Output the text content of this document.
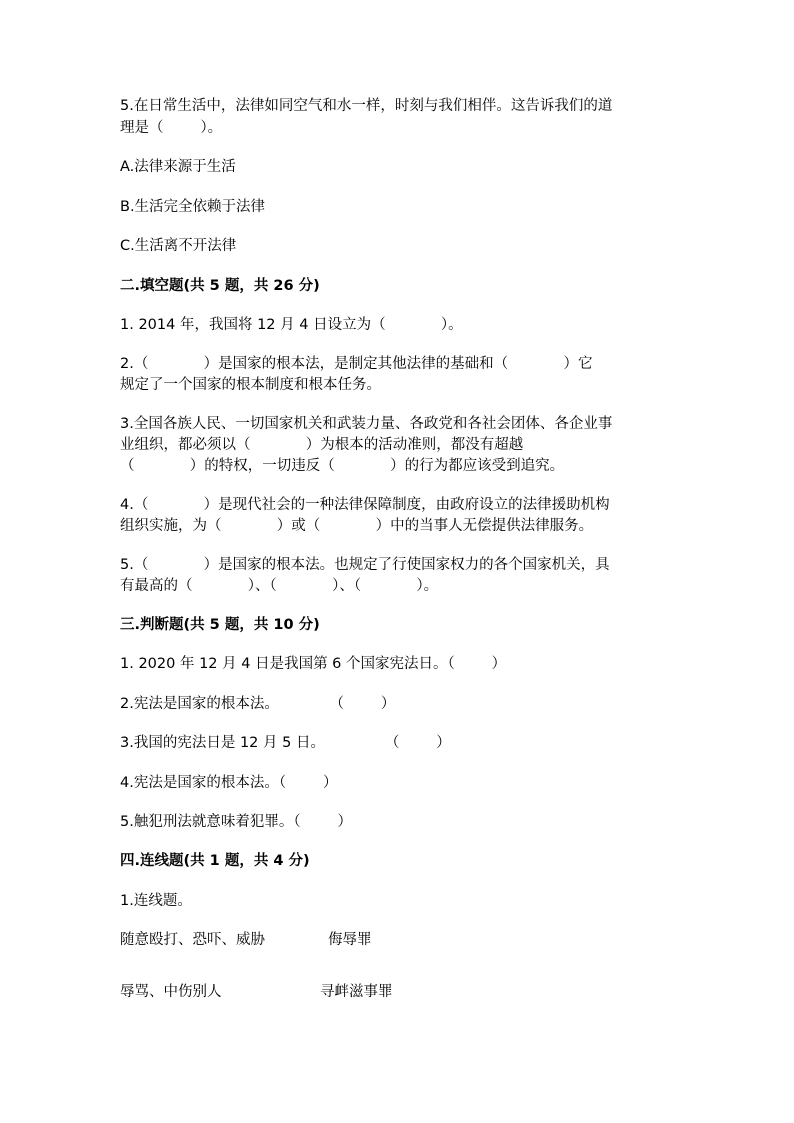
5.在日常生活中，法律如同空气和水一样，时刻与我们相伴。这告诉我们的道

理是（        ）。

A.法律来源于生活

B.生活完全依赖于法律

C.生活离不开法律

二.填空题(共 5 题，共 26 分)

1. 2014 年，我国将 12 月 4 日设立为（            ）。

2.（            ）是国家的根本法，是制定其他法律的基础和（            ）它

规定了一个国家的根本制度和根本任务。

3.全国各族人民、一切国家机关和武装力量、各政党和各社会团体、各企业事

业组织，都必须以（            ）为根本的活动准则，都没有超越

（            ）的特权，一切违反（            ）的行为都应该受到追究。

4.（            ）是现代社会的一种法律保障制度，由政府设立的法律援助机构

组织实施，为（            ）或（            ）中的当事人无偿提供法律服务。

5.（            ）是国家的根本法。也规定了行使国家权力的各个国家机关，具

有最高的（            ）、（            ）、（            ）。

三.判断题(共 5 题，共 10 分)

1. 2020 年 12 月 4 日是我国第 6 个国家宪法日。（        ）

2.宪法是国家的根本法。           （        ）

3.我国的宪法日是 12 月 5 日。             （        ）

4.宪法是国家的根本法。（        ）

5.触犯刑法就意味着犯罪。（        ）

四.连线题(共 1 题，共 4 分)

1.连线题。

随意殴打、恐吓、威胁	侮辱罪

辱骂、中伤别人	寻衅滋事罪
